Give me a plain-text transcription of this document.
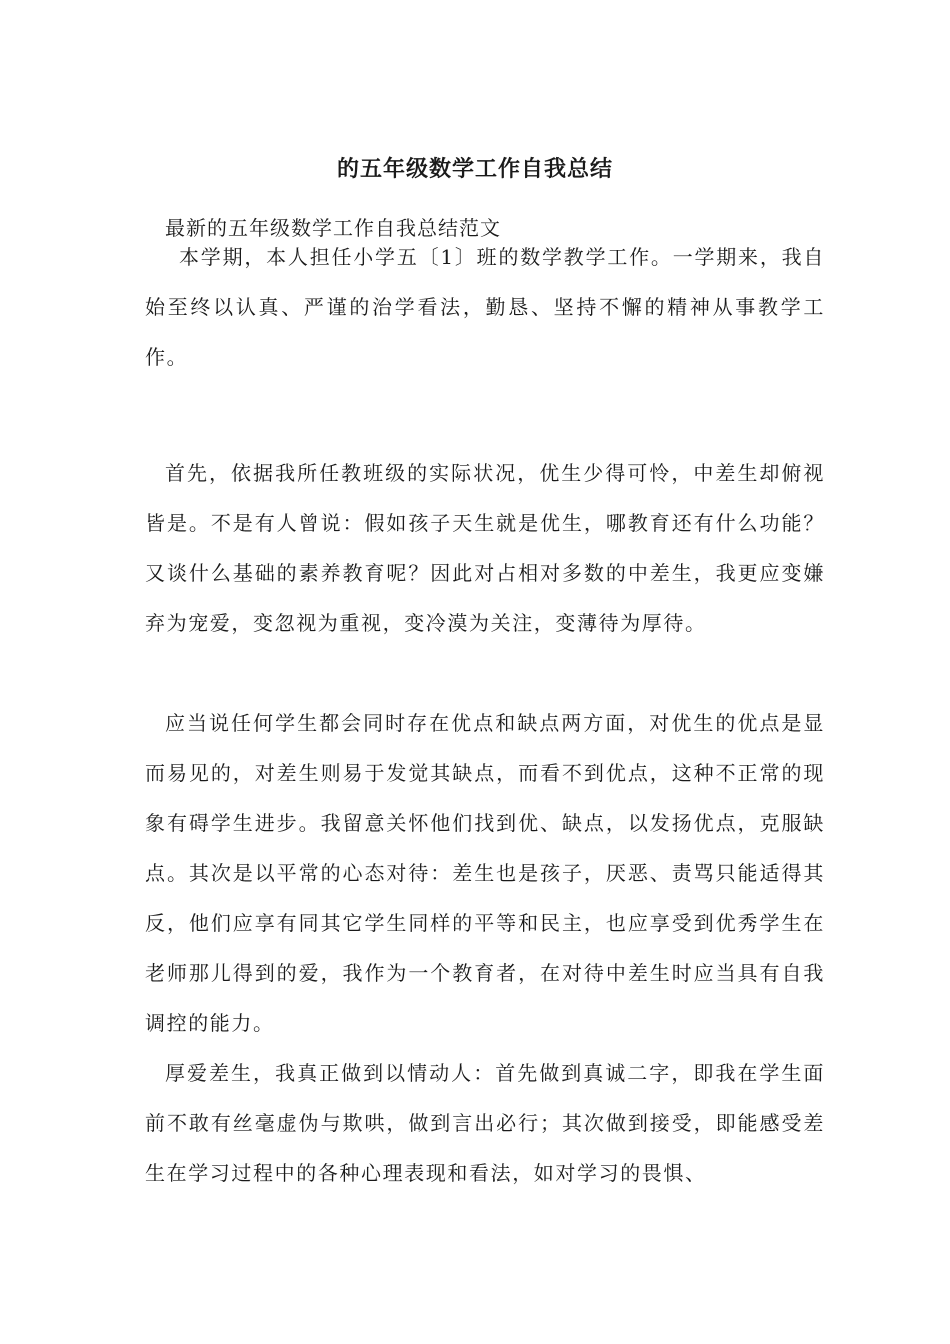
的五年级数学工作自我总结
最新的五年级数学工作自我总结范文

本学期，本人担任小学五〔1〕班的数学教学工作。一学期来，我自始至终以认真、严谨的治学看法，勤恳、坚持不懈的精神从事教学工作。

首先，依据我所任教班级的实际状况，优生少得可怜，中差生却俯视皆是。不是有人曾说：假如孩子天生就是优生，哪教育还有什么功能？又谈什么基础的素养教育呢？因此对占相对多数的中差生，我更应变嫌弃为宠爱，变忽视为重视，变冷漠为关注，变薄待为厚待。

应当说任何学生都会同时存在优点和缺点两方面，对优生的优点是显而易见的，对差生则易于发觉其缺点，而看不到优点，这种不正常的现象有碍学生进步。我留意关怀他们找到优、缺点，以发扬优点，克服缺点。其次是以平常的心态对待：差生也是孩子，厌恶、责骂只能适得其反，他们应享有同其它学生同样的平等和民主，也应享受到优秀学生在老师那儿得到的爱，我作为一个教育者，在对待中差生时应当具有自我调控的能力。

厚爱差生，我真正做到以情动人：首先做到真诚二字，即我在学生面前不敢有丝毫虚伪与欺哄，做到言出必行；其次做到接受，即能感受差生在学习过程中的各种心理表现和看法，如对学习的畏惧、
